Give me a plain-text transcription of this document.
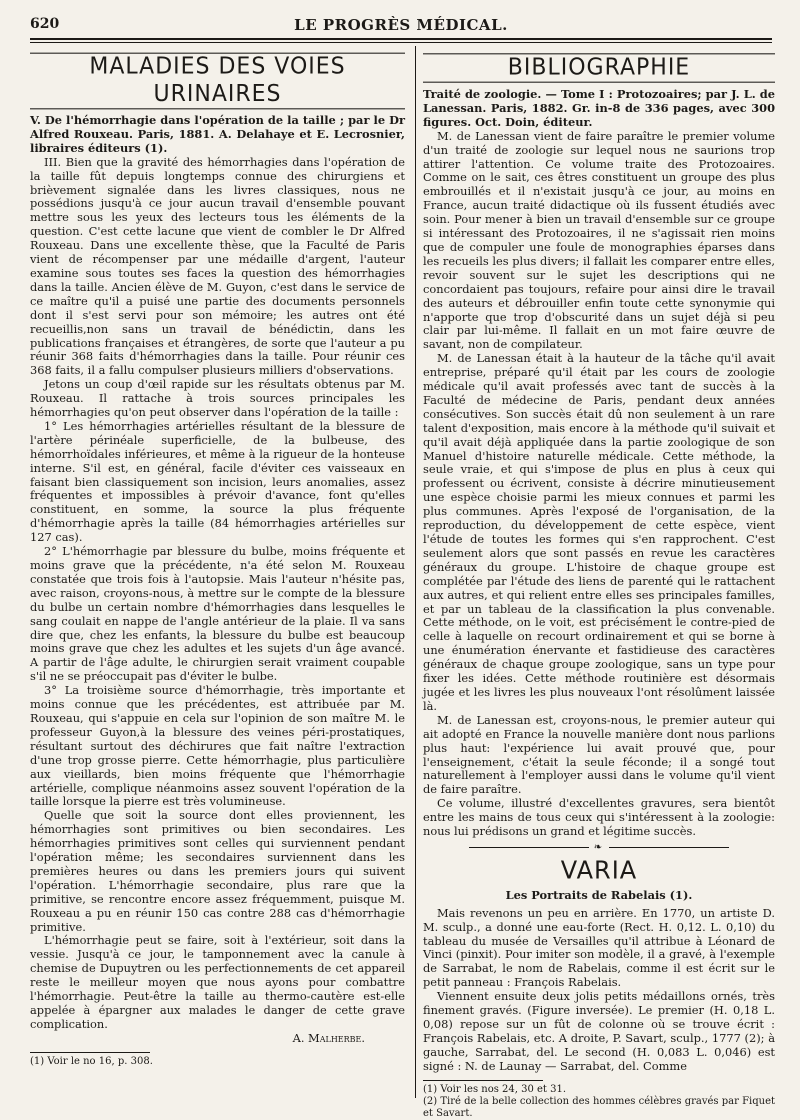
620	LE PROGRÈS MÉDICAL.
MALADIES DES VOIES URINAIRES

V. De l'hémorrhagie dans l'opération de la taille ; par le Dr Alfred Rouxeau. Paris, 1881. A. Delahaye et E. Lecrosnier, libraires éditeurs (1).

III. Bien que la gravité des hémorrhagies dans l'opération de la taille fût depuis longtemps connue des chirurgiens et brièvement signalée dans les livres classiques, nous ne possédions jusqu'à ce jour aucun travail d'ensemble pouvant mettre sous les yeux des lecteurs tous les éléments de la question. C'est cette lacune que vient de combler le Dr Alfred Rouxeau. Dans une excellente thèse, que la Faculté de Paris vient de récompenser par une médaille d'argent, l'auteur examine sous toutes ses faces la question des hémorrhagies dans la taille. Ancien élève de M. Guyon, c'est dans le service de ce maître qu'il a puisé une partie des documents personnels dont il s'est servi pour son mémoire; les autres ont été recueillis,non sans un travail de bénédictin, dans les publications françaises et étrangères, de sorte que l'auteur a pu réunir 368 faits d'hémorrhagies dans la taille. Pour réunir ces 368 faits, il a fallu compulser plusieurs milliers d'observations.

Jetons un coup d'œil rapide sur les résultats obtenus par M. Rouxeau. Il rattache à trois sources principales les hémorrhagies qu'on peut observer dans l'opération de la taille :

1° Les hémorrhagies artérielles résultant de la blessure de l'artère périnéale superficielle, de la bulbeuse, des hémorrhoïdales inférieures, et même à la rigueur de la honteuse interne. S'il est, en général, facile d'éviter ces vaisseaux en faisant bien classiquement son incision, leurs anomalies, assez fréquentes et impossibles à prévoir d'avance, font qu'elles constituent, en somme, la source la plus fréquente d'hémorrhagie après la taille (84 hémorrhagies artérielles sur 127 cas).

2° L'hémorrhagie par blessure du bulbe, moins fréquente et moins grave que la précédente, n'a été selon M. Rouxeau constatée que trois fois à l'autopsie. Mais l'auteur n'hésite pas, avec raison, croyons-nous, à mettre sur le compte de la blessure du bulbe un certain nombre d'hémorrhagies dans lesquelles le sang coulait en nappe de l'angle antérieur de la plaie. Il va sans dire que, chez les enfants, la blessure du bulbe est beaucoup moins grave que chez les adultes et les sujets d'un âge avancé. A partir de l'âge adulte, le chirurgien serait vraiment coupable s'il ne se préoccupait pas d'éviter le bulbe.

3° La troisième source d'hémorrhagie, très importante et moins connue que les précédentes, est attribuée par M. Rouxeau, qui s'appuie en cela sur l'opinion de son maître M. le professeur Guyon,à la blessure des veines péri-prostatiques, résultant surtout des déchirures que fait naître l'extraction d'une trop grosse pierre. Cette hémorrhagie, plus particulière aux vieillards, bien moins fréquente que l'hémorrhagie artérielle, complique néanmoins assez souvent l'opération de la taille lorsque la pierre est très volumineuse.

Quelle que soit la source dont elles proviennent, les hémorrhagies sont primitives ou bien secondaires. Les hémorrhagies primitives sont celles qui surviennent pendant l'opération même; les secondaires surviennent dans les premières heures ou dans les premiers jours qui suivent l'opération. L'hémorrhagie secondaire, plus rare que la primitive, se rencontre encore assez fréquemment, puisque M. Rouxeau a pu en réunir 150 cas contre 288 cas d'hémorrhagie primitive.

L'hémorrhagie peut se faire, soit à l'extérieur, soit dans la vessie. Jusqu'à ce jour, le tamponnement avec la canule à chemise de Dupuytren ou les perfectionnements de cet appareil reste le meilleur moyen que nous ayons pour combattre l'hémorrhagie. Peut-être la taille au thermo-cautère est-elle appelée à épargner aux malades le danger de cette grave complication.

A. Malherbe.

(1) Voir le no 16, p. 308.

BIBLIOGRAPHIE

Traité de zoologie. — Tome I : Protozoaires; par J. L. de Lanessan. Paris, 1882. Gr. in-8 de 336 pages, avec 300 figures. Oct. Doin, éditeur.

M. de Lanessan vient de faire paraître le premier volume d'un traité de zoologie sur lequel nous ne saurions trop attirer l'attention. Ce volume traite des Protozoaires. Comme on le sait, ces êtres constituent un groupe des plus embrouillés et il n'existait jusqu'à ce jour, au moins en France, aucun traité didactique où ils fussent étudiés avec soin. Pour mener à bien un travail d'ensemble sur ce groupe si intéressant des Protozoaires, il ne s'agissait rien moins que de compuler une foule de monographies éparses dans les recueils les plus divers; il fallait les comparer entre elles, revoir souvent sur le sujet les descriptions qui ne concordaient pas toujours, refaire pour ainsi dire le travail des auteurs et débrouiller enfin toute cette synonymie qui n'apporte que trop d'obscurité dans un sujet déjà si peu clair par lui-même. Il fallait en un mot faire œuvre de savant, non de compilateur.

M. de Lanessan était à la hauteur de la tâche qu'il avait entreprise, préparé qu'il était par les cours de zoologie médicale qu'il avait professés avec tant de succès à la Faculté de médecine de Paris, pendant deux années consécutives. Son succès était dû non seulement à un rare talent d'exposition, mais encore à la méthode qu'il suivait et qu'il avait déjà appliquée dans la partie zoologique de son Manuel d'histoire naturelle médicale. Cette méthode, la seule vraie, et qui s'impose de plus en plus à ceux qui professent ou écrivent, consiste à décrire minutieusement une espèce choisie parmi les mieux connues et parmi les plus communes. Après l'exposé de l'organisation, de la reproduction, du développement de cette espèce, vient l'étude de toutes les formes qui s'en rapprochent. C'est seulement alors que sont passés en revue les caractères généraux du groupe. L'histoire de chaque groupe est complétée par l'étude des liens de parenté qui le rattachent aux autres, et qui relient entre elles ses principales familles, et par un tableau de la classification la plus convenable. Cette méthode, on le voit, est précisément le contre-pied de celle à laquelle on recourt ordinairement et qui se borne à une énumération énervante et fastidieuse des caractères généraux de chaque groupe zoologique, sans un type pour fixer les idées. Cette méthode routinière est désormais jugée et les livres les plus nouveaux l'ont résolûment laissée là.

M. de Lanessan est, croyons-nous, le premier auteur qui ait adopté en France la nouvelle manière dont nous parlions plus haut: l'expérience lui avait prouvé que, pour l'enseignement, c'était la seule féconde; il a songé tout naturellement à l'employer aussi dans le volume qu'il vient de faire paraître.

Ce volume, illustré d'excellentes gravures, sera bientôt entre les mains de tous ceux qui s'intéressent à la zoologie: nous lui prédisons un grand et légitime succès.

❧
VARIA

Les Portraits de Rabelais (1).

Mais revenons un peu en arrière. En 1770, un artiste D. M. sculp., a donné une eau-forte (Rect. H. 0,12. L. 0,10) du tableau du musée de Versailles qu'il attribue à Léonard de Vinci (pinxit). Pour imiter son modèle, il a gravé, à l'exemple de Sarrabat, le nom de Rabelais, comme il est écrit sur le petit panneau : François Rabelais.

Viennent ensuite deux jolis petits médaillons ornés, très finement gravés. (Figure inversée). Le premier (H. 0,18 L. 0,08) repose sur un fût de colonne où se trouve écrit : François Rabelais, etc. A droite, P. Savart, sculp., 1777 (2); à gauche, Sarrabat, del. Le second (H. 0,083 L. 0,046) est signé : N. de Launay — Sarrabat, del. Comme

(1) Voir les nos 24, 30 et 31.

(2) Tiré de la belle collection des hommes célèbres gravés par Fiquet et Savart.
